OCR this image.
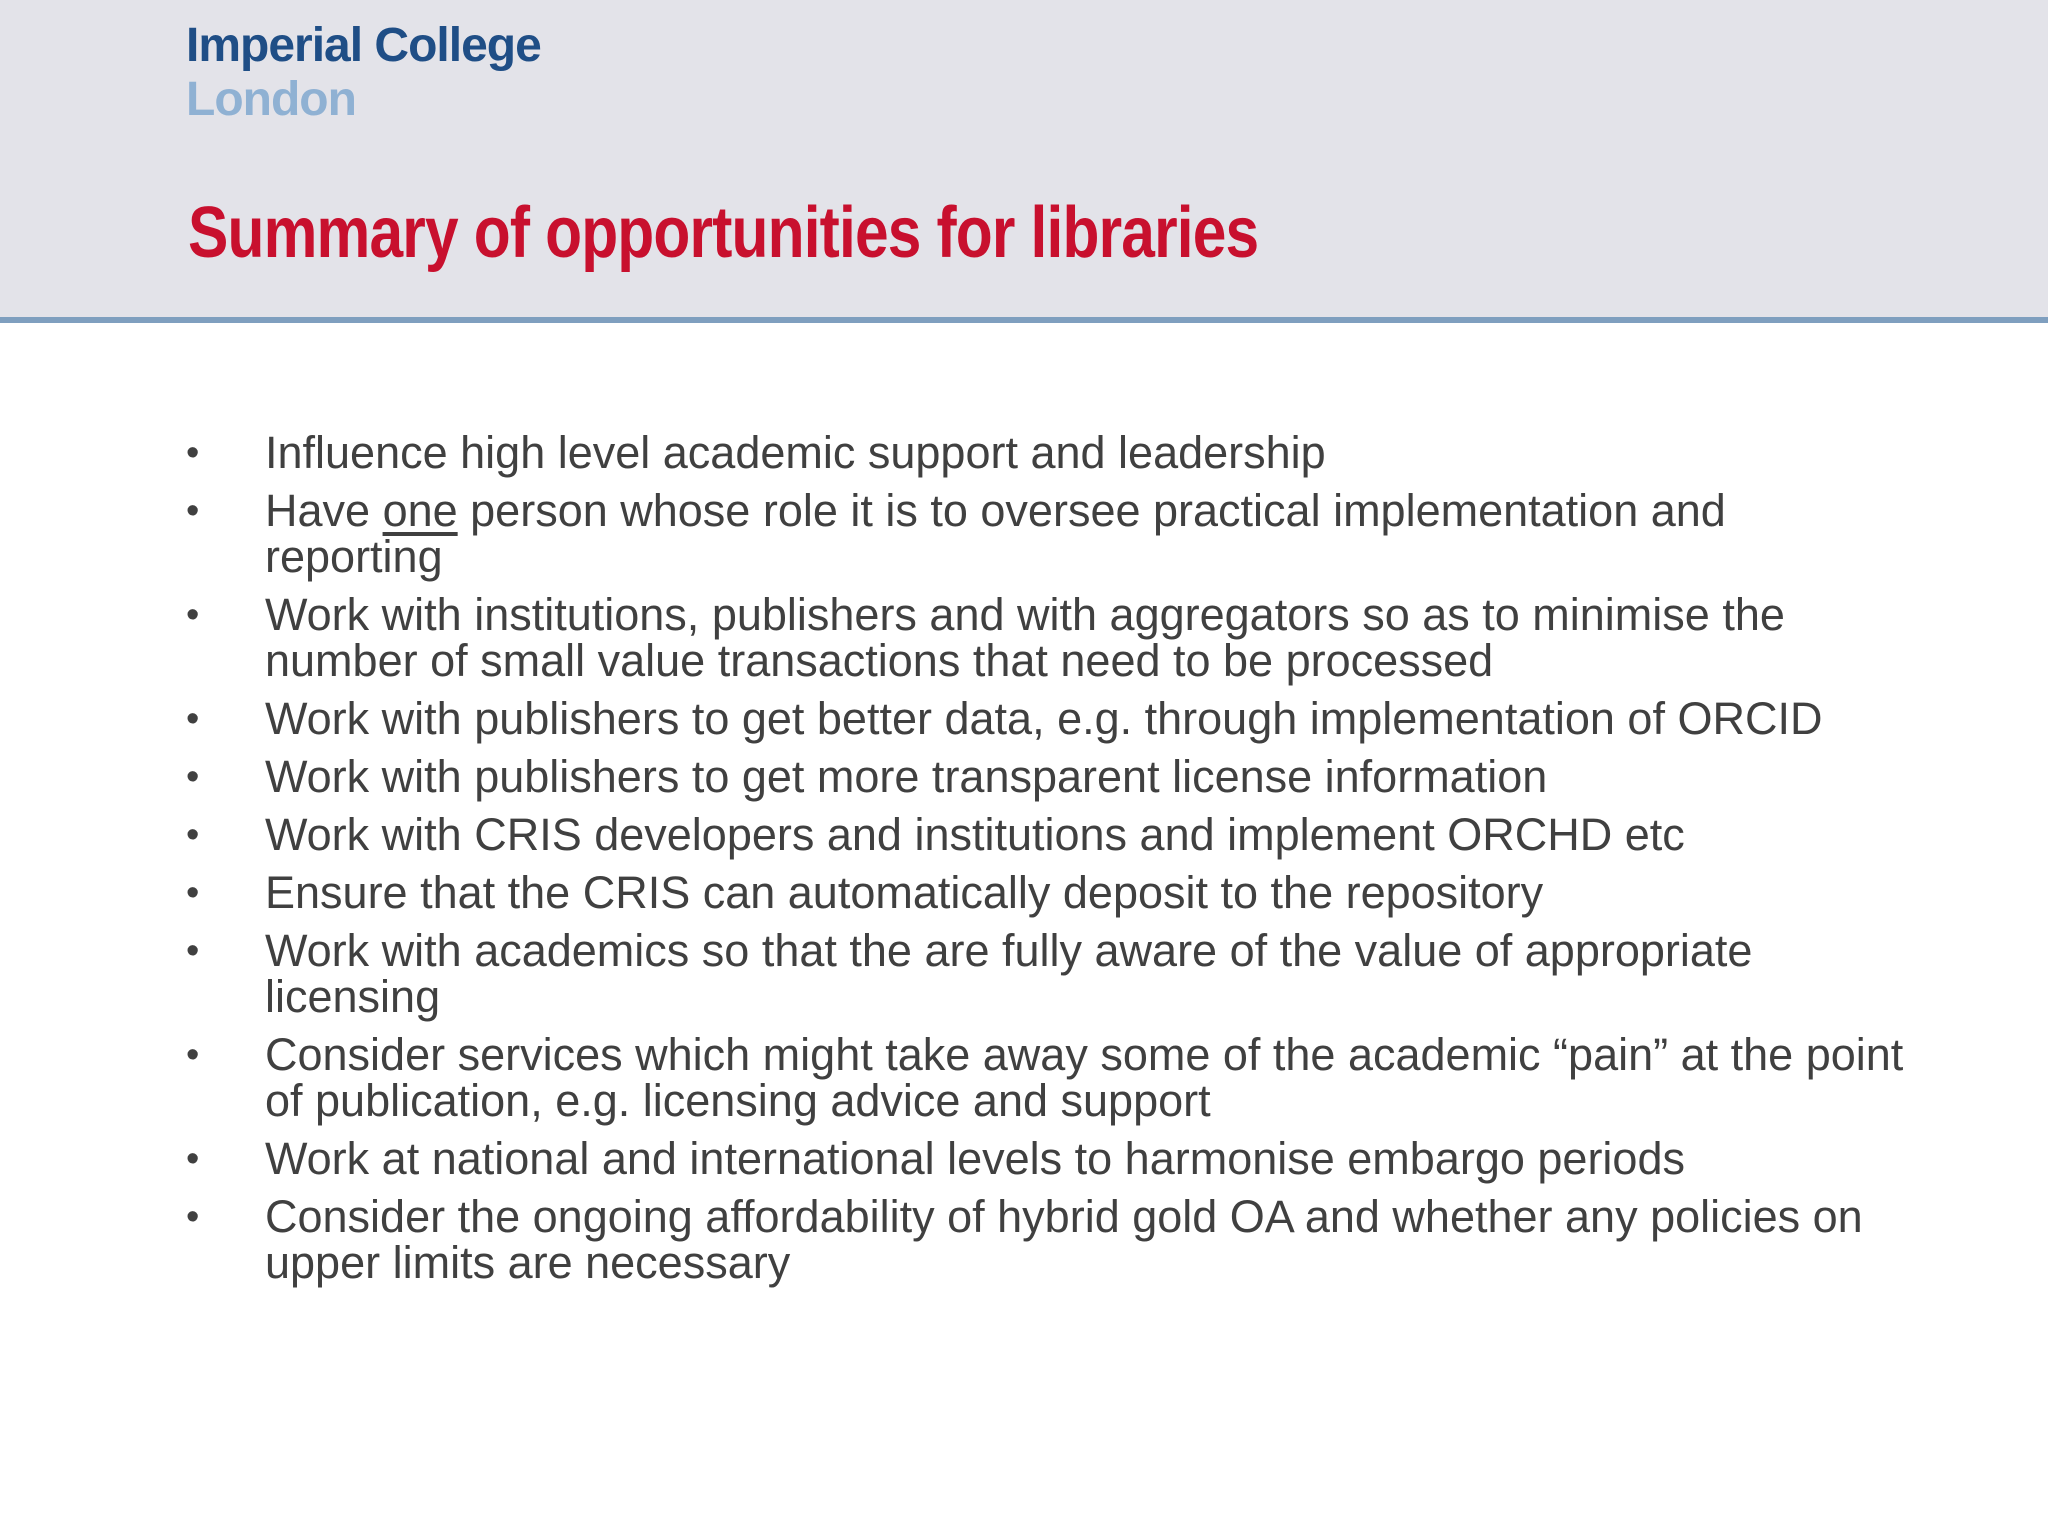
Imperial College
London
Summary of opportunities for libraries
• Influence high level academic support and leadership
• Have one person whose role it is to oversee practical implementation and reporting
• Work with institutions, publishers and with aggregators so as to minimise the number of small value transactions that need to be processed
• Work with publishers to get better data, e.g. through implementation of ORCID
• Work with publishers to get more transparent license information
• Work with CRIS developers and institutions and implement ORCHD etc
• Ensure that the CRIS can automatically deposit to the repository
• Work with academics so that the are fully aware of the value of appropriate licensing
• Consider services which might take away some of the academic “pain” at the point of publication, e.g. licensing advice and support
• Work at national and international levels to harmonise embargo periods
• Consider the ongoing affordability of hybrid gold OA and whether any policies on upper limits are necessary
